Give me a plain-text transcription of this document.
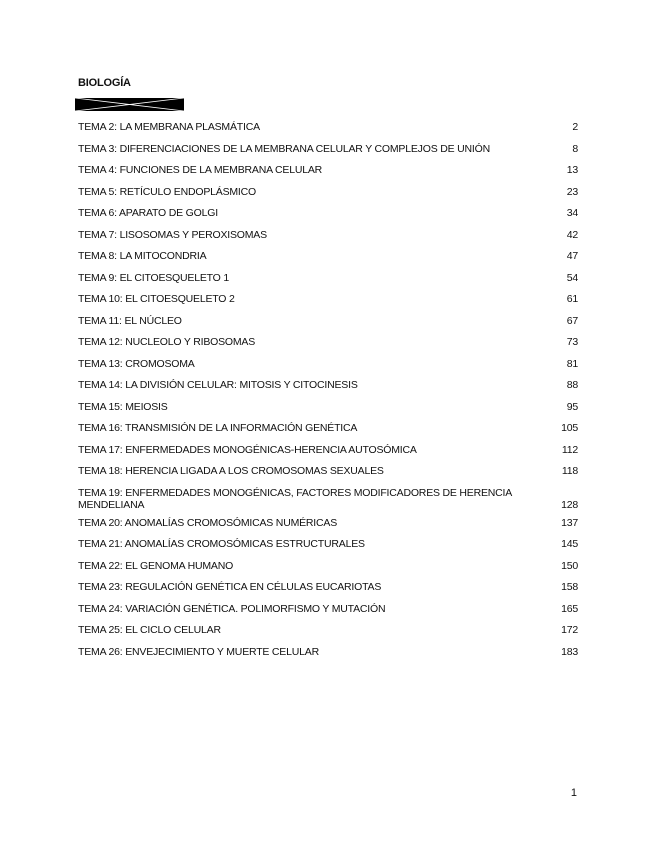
BIOLOGÍA
TEMA 2: LA MEMBRANA PLASMÁTICA	2
TEMA 3: DIFERENCIACIONES DE LA MEMBRANA CELULAR Y COMPLEJOS DE UNIÓN	8
TEMA 4: FUNCIONES DE LA MEMBRANA CELULAR	13
TEMA 5: RETÍCULO ENDOPLÁSMICO	23
TEMA 6: APARATO DE GOLGI	34
TEMA 7: LISOSOMAS Y PEROXISOMAS	42
TEMA 8: LA MITOCONDRIA	47
TEMA 9: EL CITOESQUELETO 1	54
TEMA 10: EL CITOESQUELETO 2	61
TEMA 11: EL NÚCLEO	67
TEMA 12: NUCLEOLO Y RIBOSOMAS	73
TEMA 13: CROMOSOMA	81
TEMA 14: LA DIVISIÓN CELULAR: MITOSIS Y CITOCINESIS	88
TEMA 15: MEIOSIS	95
TEMA 16: TRANSMISIÓN DE LA INFORMACIÓN GENÉTICA	105
TEMA 17: ENFERMEDADES MONOGÉNICAS-HERENCIA AUTOSÓMICA	112
TEMA 18: HERENCIA LIGADA A LOS CROMOSOMAS SEXUALES	118
TEMA 19: ENFERMEDADES MONOGÉNICAS, FACTORES MODIFICADORES DE HERENCIA MENDELIANA	128
TEMA 20: ANOMALÍAS CROMOSÓMICAS NUMÉRICAS	137
TEMA 21: ANOMALÍAS CROMOSÓMICAS ESTRUCTURALES	145
TEMA 22: EL GENOMA HUMANO	150
TEMA 23: REGULACIÓN GENÉTICA EN CÉLULAS EUCARIOTAS	158
TEMA 24: VARIACIÓN GENÉTICA. POLIMORFISMO Y MUTACIÓN	165
TEMA 25: EL CICLO CELULAR	172
TEMA 26: ENVEJECIMIENTO Y MUERTE CELULAR	183
1
